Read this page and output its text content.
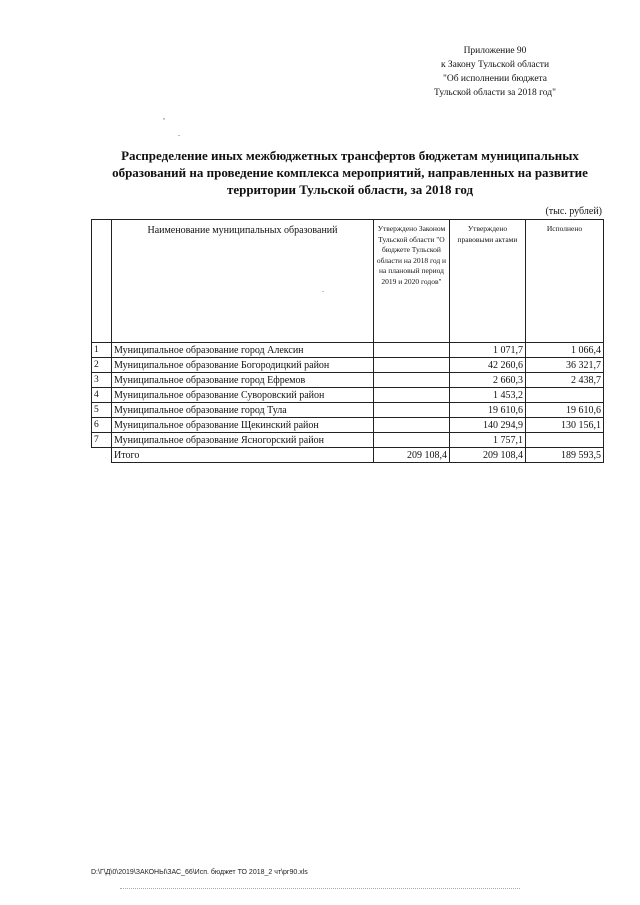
Приложение 90
к Закону Тульской области
"Об исполнении бюджета
Тульской области за 2018 год"
,
.
Распределение иных межбюджетных трансфертов бюджетам муниципальных
образований на проведение комплекса мероприятий, направленных на развитие
территории Тульской области, за 2018 год
(тыс. рублей)
	Наименование муниципальных образований	Утверждено Законом Тульской области "О бюджете Тульской области на 2018 год и на плановый период 2019 и 2020 годов"	Утверждено правовыми актами	Исполнено
1	Муниципальное образование город Алексин		1 071,7	1 066,4
2	Муниципальное образование Богородицкий район		42 260,6	36 321,7
3	Муниципальное образование город Ефремов		2 660,3	2 438,7
4	Муниципальное образование Суворовский район		1 453,2	
5	Муниципальное образование город Тула		19 610,6	19 610,6
6	Муниципальное образование Щекинский район		140 294,9	130 156,1
7	Муниципальное образование Ясногорский район		1 757,1	
	Итого	209 108,4	209 108,4	189 593,5
.
D:\Г\Д\0\2019\ЗАКОНЫ\ЗАС_66\Исп. бюджет ТО 2018_2 чт\рг90.xls
